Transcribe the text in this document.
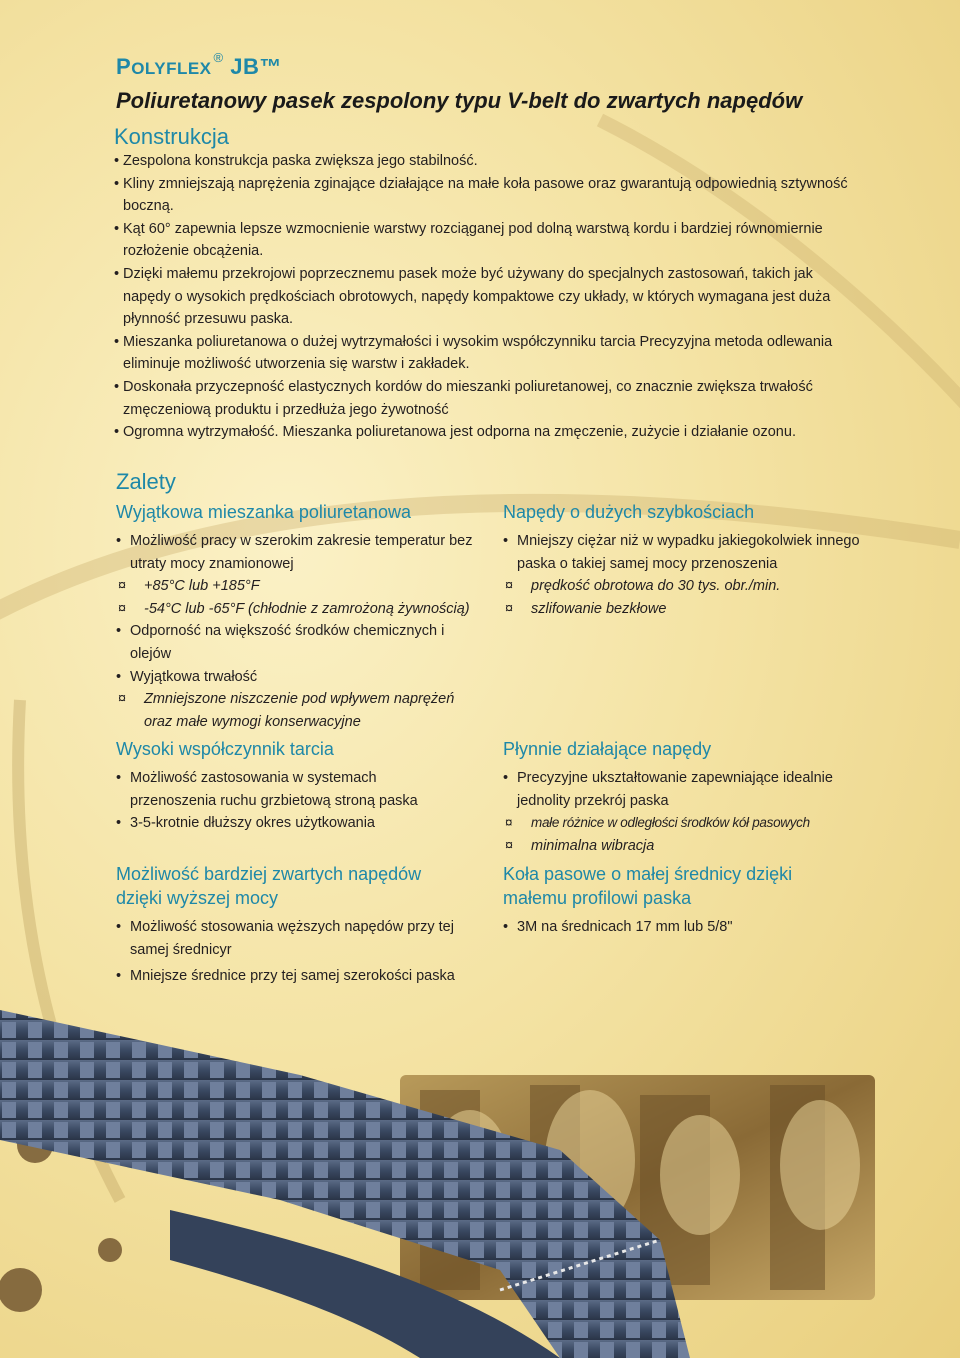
POLYFLEX® JB™
Poliuretanowy pasek zespolony typu V-belt do zwartych napędów
Konstrukcja
• Zespolona konstrukcja paska zwiększa jego stabilność.
• Kliny zmniejszają naprężenia zginające działające na małe koła pasowe oraz gwarantują odpowiednią sztywność boczną.
• Kąt 60° zapewnia lepsze wzmocnienie warstwy rozciąganej pod dolną warstwą kordu i bardziej równomiernie rozłożenie obcążenia.
• Dzięki małemu przekrojowi poprzecznemu pasek może być używany do specjalnych zastosowań, takich jak napędy o wysokich prędkościach obrotowych, napędy kompaktowe czy układy, w których wymagana jest duża płynność przesuwu paska.
• Mieszanka poliuretanowa o dużej wytrzymałości i wysokim współczynniku tarcia Precyzyjna metoda odlewania eliminuje możliwość utworzenia się warstw i zakładek.
• Doskonała przyczepność elastycznych kordów do mieszanki poliuretanowej, co znacznie zwiększa trwałość zmęczeniową produktu i przedłuża jego żywotność
• Ogromna wytrzymałość. Mieszanka poliuretanowa jest odporna na zmęczenie, zużycie i działanie ozonu.
Zalety
Wyjątkowa mieszanka poliuretanowa
• Możliwość pracy w szerokim zakresie temperatur bez utraty mocy znamionowej
¤ +85°C lub +185°F
¤ -54°C lub -65°F (chłodnie z zamrożoną żywnością)
• Odporność na większość środków chemicznych i olejów
• Wyjątkowa trwałość
¤ Zmniejszone niszczenie pod wpływem naprężeń oraz małe wymogi konserwacyjne
Wysoki współczynnik tarcia
• Możliwość zastosowania w systemach przenoszenia ruchu grzbietową stroną paska
• 3-5-krotnie dłuższy okres użytkowania
Możliwość bardziej zwartych napędów dzięki wyższej mocy
• Możliwość stosowania węższych napędów przy tej samej średnicyr
• Mniejsze średnice przy tej samej szerokości paska
Napędy o dużych szybkościach
• Mniejszy ciężar niż w wypadku jakiegokolwiek innego paska o takiej samej mocy przenoszenia
¤ prędkość obrotowa do 30 tys. obr./min.
¤ szlifowanie bezkłowe
Płynnie działające napędy
• Precyzyjne ukształtowanie zapewniające idealnie jednolity przekrój paska
¤ małe różnice w odległości środków kół pasowych
¤ minimalna wibracja
Koła pasowe o małej średnicy dzięki małemu profilowi paska
• 3M na średnicach 17 mm lub 5/8"
